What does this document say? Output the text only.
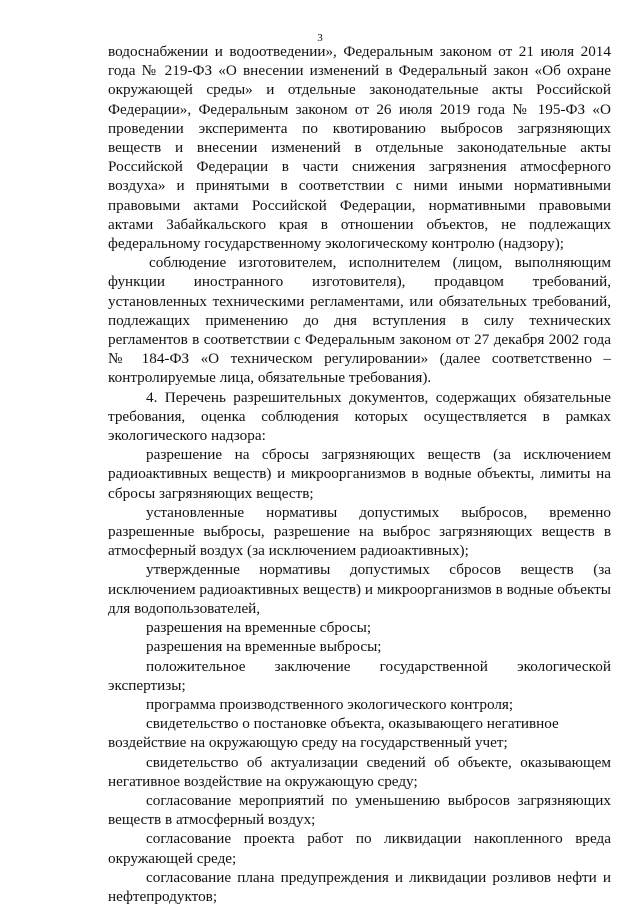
3

водоснабжении и водоотведении», Федеральным законом от 21 июля 2014 года № 219-ФЗ «О внесении изменений в Федеральный закон «Об охране окружающей среды» и отдельные законодательные акты Российской Федерации», Федеральным законом от 26 июля 2019 года № 195-ФЗ «О проведении эксперимента по квотированию выбросов загрязняющих веществ и внесении изменений в отдельные законодательные акты Российской Федерации в части снижения загрязнения атмосферного воздуха» и принятыми в соответствии с ними иными нормативными правовыми актами Российской Федерации, нормативными правовыми актами Забайкальского края в отношении объектов, не подлежащих федеральному государственному экологическому контролю (надзору);

соблюдение изготовителем, исполнителем (лицом, выполняющим функции иностранного изготовителя), продавцом требований, установленных техническими регламентами, или обязательных требований, подлежащих применению до дня вступления в силу технических регламентов в соответствии с Федеральным законом от 27 декабря 2002 года № 184-ФЗ «О техническом регулировании» (далее соответственно – контролируемые лица, обязательные требования).

4. Перечень разрешительных документов, содержащих обязательные требования, оценка соблюдения которых осуществляется в рамках экологического надзора:

разрешение на сбросы загрязняющих веществ (за исключением радиоактивных веществ) и микроорганизмов в водные объекты, лимиты на сбросы загрязняющих веществ;

установленные нормативы допустимых выбросов, временно разрешенные выбросы, разрешение на выброс загрязняющих веществ в атмосферный воздух (за исключением радиоактивных);

утвержденные нормативы допустимых сбросов веществ (за исключением радиоактивных веществ) и микроорганизмов в водные объекты для водопользователей,

разрешения на временные сбросы;

разрешения на временные выбросы;

положительное заключение государственной экологической экспертизы;

программа производственного экологического контроля;

свидетельство о постановке объекта, оказывающего негативное

воздействие на окружающую среду на государственный учет;

свидетельство об актуализации сведений об объекте, оказывающем негативное воздействие на окружающую среду;

согласование мероприятий по уменьшению выбросов загрязняющих веществ в атмосферный воздух;

согласование проекта работ по ликвидации накопленного вреда окружающей среде;

согласование плана предупреждения и ликвидации розливов нефти и нефтепродуктов;
